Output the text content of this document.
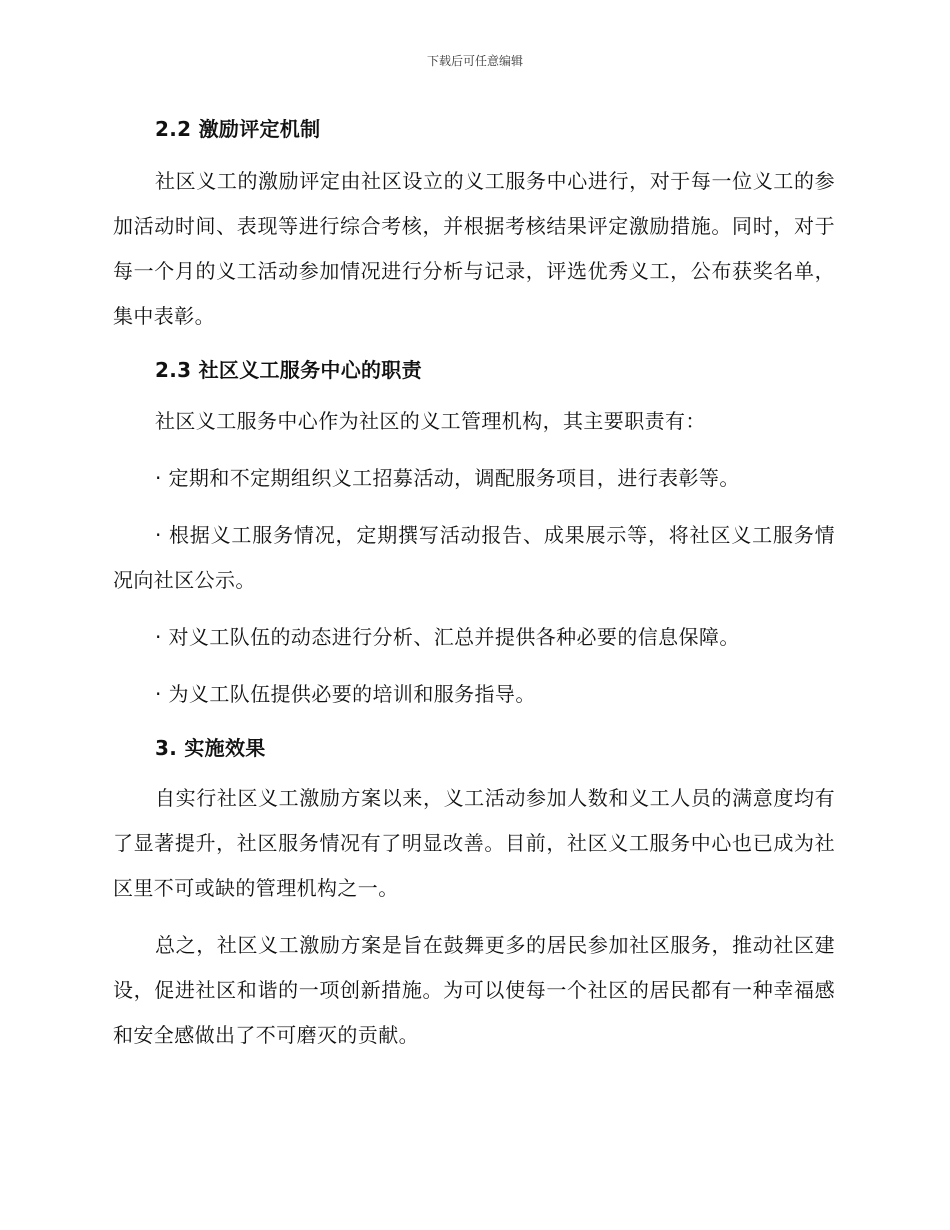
下载后可任意编辑
2.2 激励评定机制

社区义工的激励评定由社区设立的义工服务中心进行，对于每一位义工的参加活动时间、表现等进行综合考核，并根据考核结果评定激励措施。同时，对于每一个月的义工活动参加情况进行分析与记录，评选优秀义工，公布获奖名单，集中表彰。

2.3 社区义工服务中心的职责

社区义工服务中心作为社区的义工管理机构，其主要职责有：

· 定期和不定期组织义工招募活动，调配服务项目，进行表彰等。

· 根据义工服务情况，定期撰写活动报告、成果展示等，将社区义工服务情况向社区公示。

· 对义工队伍的动态进行分析、汇总并提供各种必要的信息保障。

· 为义工队伍提供必要的培训和服务指导。

3. 实施效果

自实行社区义工激励方案以来，义工活动参加人数和义工人员的满意度均有了显著提升，社区服务情况有了明显改善。目前，社区义工服务中心也已成为社区里不可或缺的管理机构之一。

总之，社区义工激励方案是旨在鼓舞更多的居民参加社区服务，推动社区建设，促进社区和谐的一项创新措施。为可以使每一个社区的居民都有一种幸福感和安全感做出了不可磨灭的贡献。
